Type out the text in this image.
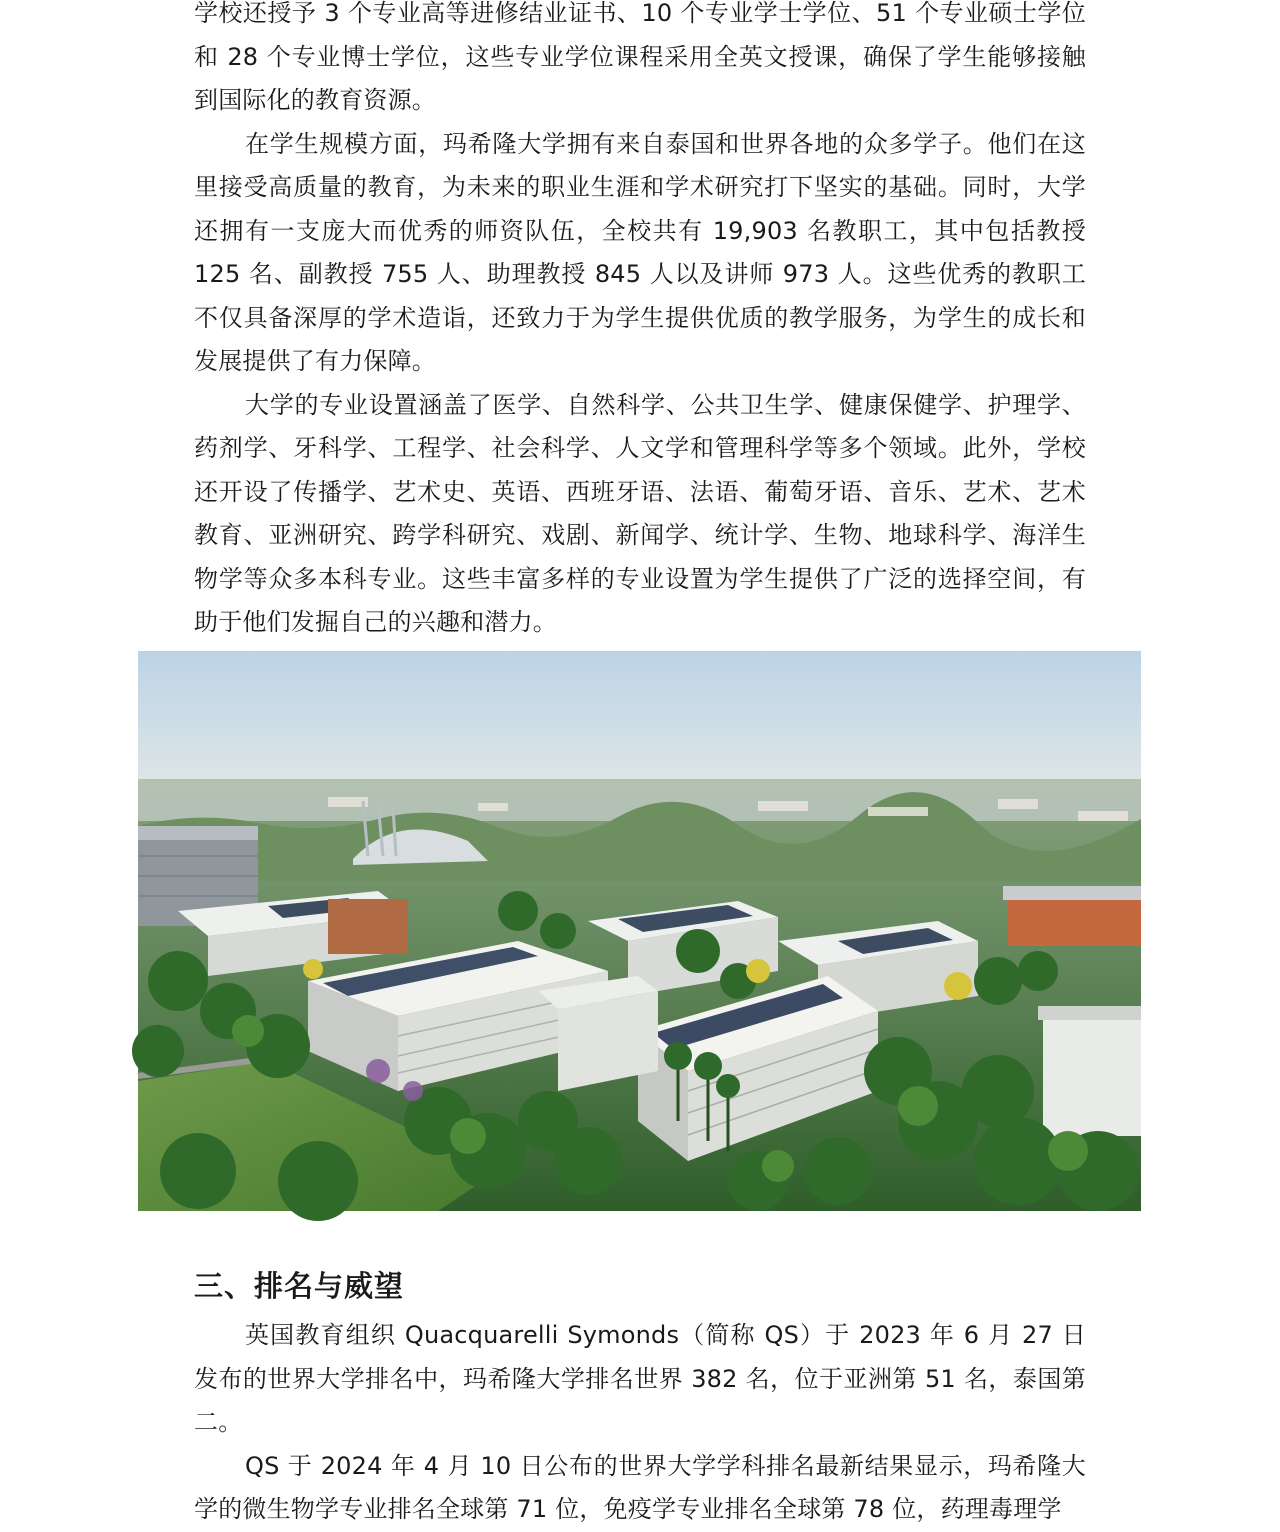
学校还授予 3 个专业高等进修结业证书、10 个专业学士学位、51 个专业硕士学位和 28 个专业博士学位，这些专业学位课程采用全英文授课，确保了学生能够接触到国际化的教育资源。

在学生规模方面，玛希隆大学拥有来自泰国和世界各地的众多学子。他们在这里接受高质量的教育，为未来的职业生涯和学术研究打下坚实的基础。同时，大学还拥有一支庞大而优秀的师资队伍，全校共有 19,903 名教职工，其中包括教授 125 名、副教授 755 人、助理教授 845 人以及讲师 973 人。这些优秀的教职工不仅具备深厚的学术造诣，还致力于为学生提供优质的教学服务，为学生的成长和发展提供了有力保障。

大学的专业设置涵盖了医学、自然科学、公共卫生学、健康保健学、护理学、药剂学、牙科学、工程学、社会科学、人文学和管理科学等多个领域。此外，学校还开设了传播学、艺术史、英语、西班牙语、法语、葡萄牙语、音乐、艺术、艺术教育、亚洲研究、跨学科研究、戏剧、新闻学、统计学、生物、地球科学、海洋生物学等众多本科专业。这些丰富多样的专业设置为学生提供了广泛的选择空间，有助于他们发掘自己的兴趣和潜力。

三、排名与威望

英国教育组织 Quacquarelli Symonds（简称 QS）于 2023 年 6 月 27 日发布的世界大学排名中，玛希隆大学排名世界 382 名，位于亚洲第 51 名，泰国第二。

QS 于 2024 年 4 月 10 日公布的世界大学学科排名最新结果显示，玛希隆大学的微生物学专业排名全球第 71 位，免疫学专业排名全球第 78 位，药理毒理学
